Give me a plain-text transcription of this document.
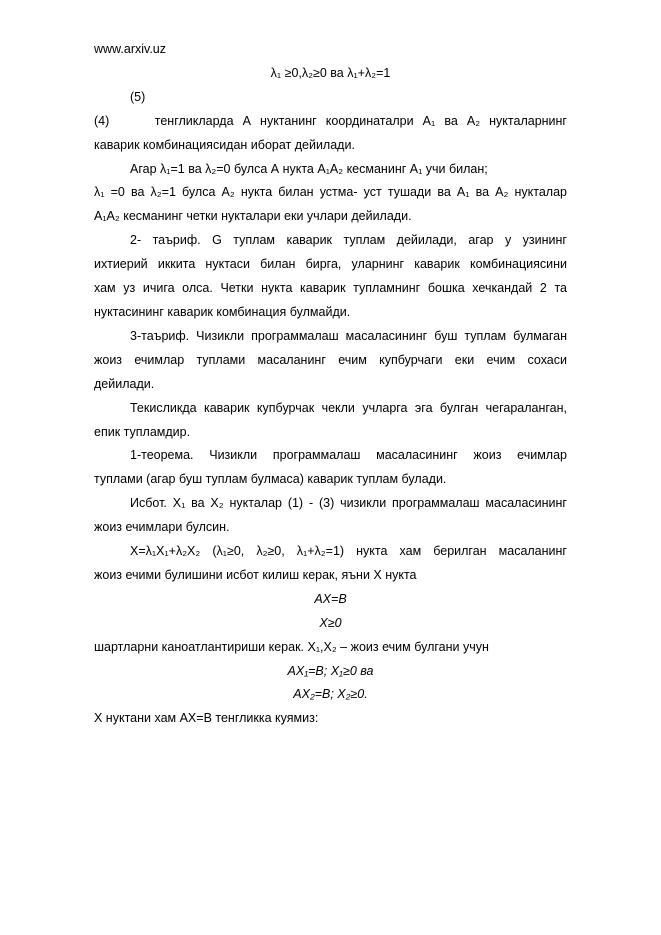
www.arxiv.uz
λ₁ ≥0,λ₂≥0 ва λ₁+λ₂=1
(5)
(4)	тенгликларда А нуктанинг координаталри А₁ ва А₂ нукталарнинг
каварик комбинациясидан иборат дейилади.
Агар λ₁=1 ва λ₂=0 булса А нукта А₁А₂ кесманинг А₁ учи билан;
λ₁ =0 ва λ₂=1 булса А₂ нукта билан устма- уст тушади ва А₁ ва А₂ нукталар
А₁А₂ кесманинг четки нукталари еки учлари дейилади.
2- таъриф. G туплам каварик туплам дейилади, агар у узининг
ихтиерий иккита нуктаси билан бирга, уларнинг каварик комбинациясини
хам уз ичига олса. Четки нукта каварик тупламнинг бошка хечкандай 2 та
нуктасининг каварик комбинация булмайди.
3-таъриф. Чизикли программалаш масаласининг буш туплам булмаган
жоиз ечимлар туплами масаланинг ечим купбурчаги еки ечим сохаси
дейилади.
Текисликда каварик купбурчак чекли учларга эга булган чегараланган,
епик тупламдир.
1-теорема. Чизикли программалаш масаласининг жоиз ечимлар
туплами (агар буш туплам булмаса) каварик туплам булади.
Исбот. X₁ ва X₂ нукталар (1) - (3) чизикли программалаш масаласининг
жоиз ечимлари булсин.
X=λ₁X₁+λ₂X₂ (λ₁≥0, λ₂≥0, λ₁+λ₂=1) нукта хам берилган масаланинг
жоиз ечими булишини исбот килиш керак, яъни X нукта
AX=B
X≥0
шартларни каноатлантириши керак. X₁,X₂ – жоиз ечим булгани учун
AX₁=B; X₁≥0 ва
AX₂=B; X₂≥0.
X нуктани хам AX=B тенгликка куямиз:
